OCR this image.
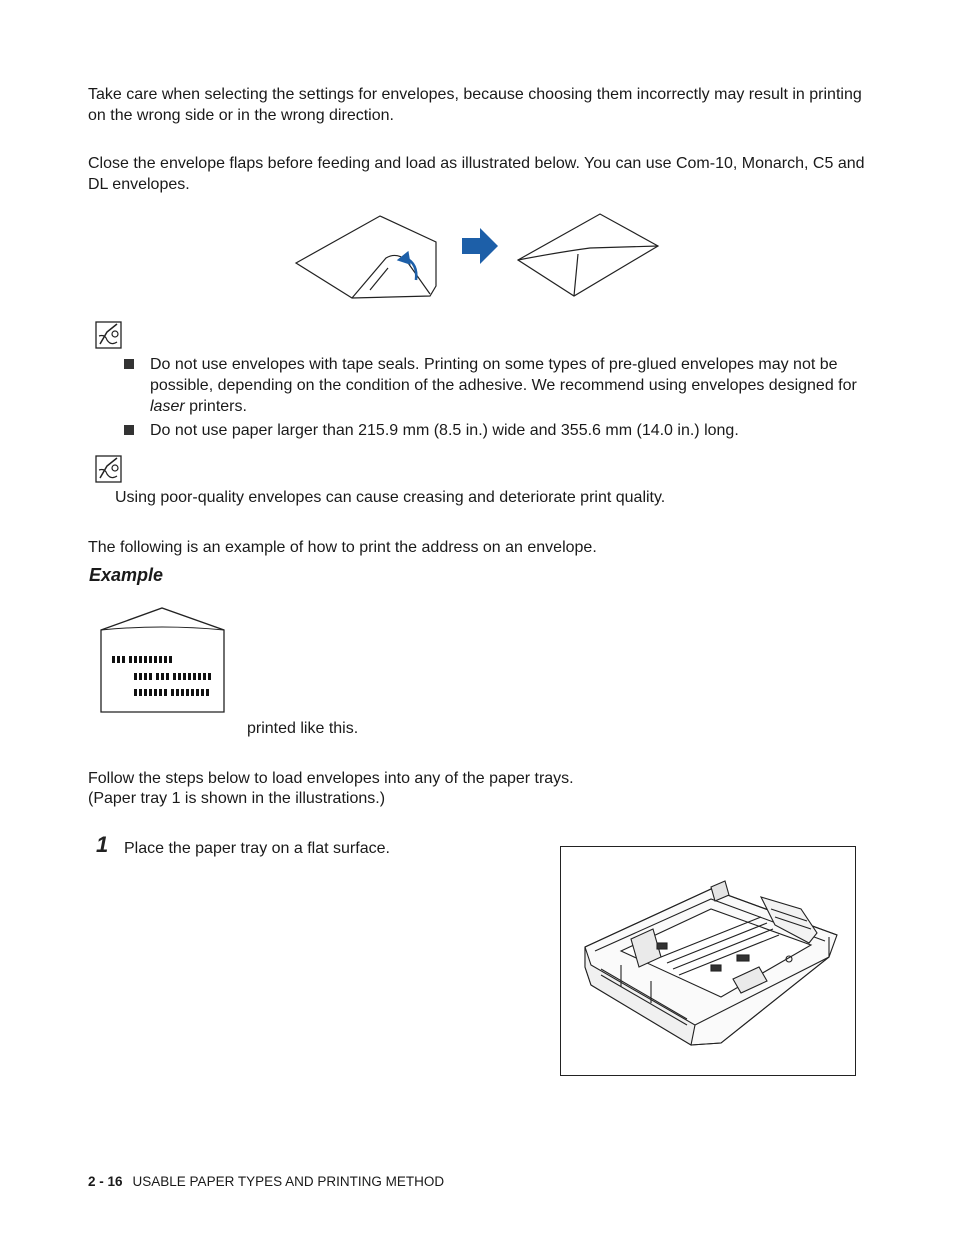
Take care when selecting the settings for envelopes, because choosing them incorrectly may result in printing on the wrong side or in the wrong direction.

Close the envelope flaps before feeding and load as illustrated below. You can use Com-10, Monarch, C5 and DL envelopes.

Do not use envelopes with tape seals. Printing on some types of pre-glued envelopes may not be possible, depending on the condition of the adhesive. We recommend using envelopes designed for laser printers.
Do not use paper larger than 215.9 mm (8.5 in.) wide and 355.6 mm (14.0 in.) long.

Using poor-quality envelopes can cause creasing and deteriorate print quality.

The following is an example of how to print the address on an envelope.

Example

printed like this.

Follow the steps below to load envelopes into any of the paper trays.

(Paper tray 1 is shown in the illustrations.)

1 Place the paper tray on a flat surface.

2 - 16 USABLE PAPER TYPES AND PRINTING METHOD
